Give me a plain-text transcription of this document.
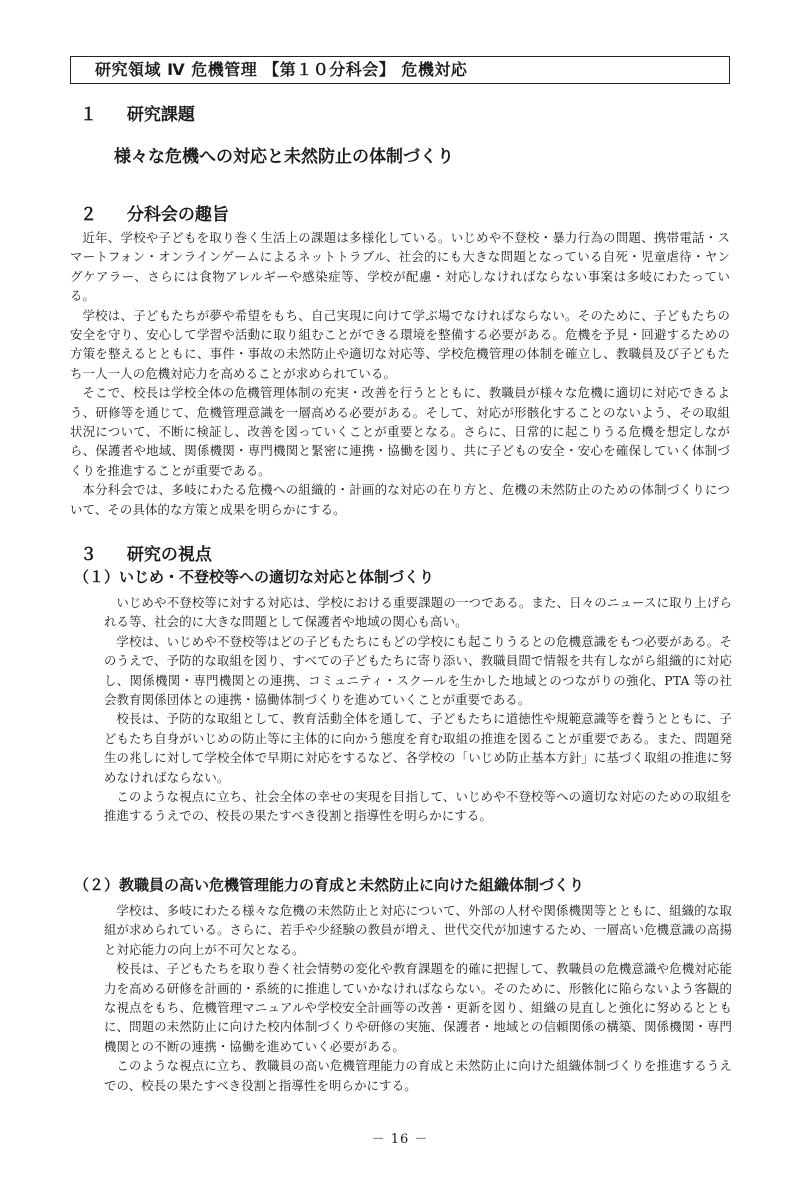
研究領域 Ⅳ 危機管理 【第１０分科会】 危機対応
１ 研究課題
様々な危機への対応と未然防止の体制づくり
２ 分科会の趣旨

近年、学校や子どもを取り巻く生活上の課題は多様化している。いじめや不登校・暴力行為の問題、携帯電話・スマートフォン・オンラインゲームによるネットトラブル、社会的にも大きな問題となっている自死・児童虐待・ヤングケアラー、さらには食物アレルギーや感染症等、学校が配慮・対応しなければならない事案は多岐にわたっている。

学校は、子どもたちが夢や希望をもち、自己実現に向けて学ぶ場でなければならない。そのために、子どもたちの安全を守り、安心して学習や活動に取り組むことができる環境を整備する必要がある。危機を予見・回避するための方策を整えるとともに、事件・事故の未然防止や適切な対応等、学校危機管理の体制を確立し、教職員及び子どもたち一人一人の危機対応力を高めることが求められている。

そこで、校長は学校全体の危機管理体制の充実・改善を行うとともに、教職員が様々な危機に適切に対応できるよう、研修等を通じて、危機管理意識を一層高める必要がある。そして、対応が形骸化することのないよう、その取組状況について、不断に検証し、改善を図っていくことが重要となる。さらに、日常的に起こりうる危機を想定しながら、保護者や地域、関係機関・専門機関と緊密に連携・協働を図り、共に子どもの安全・安心を確保していく体制づくりを推進することが重要である。

本分科会では、多岐にわたる危機への組織的・計画的な対応の在り方と、危機の未然防止のための体制づくりについて、その具体的な方策と成果を明らかにする。

３ 研究の視点
（１）いじめ・不登校等への適切な対応と体制づくり

いじめや不登校等に対する対応は、学校における重要課題の一つである。また、日々のニュースに取り上げられる等、社会的に大きな問題として保護者や地域の関心も高い。

学校は、いじめや不登校等はどの子どもたちにもどの学校にも起こりうるとの危機意識をもつ必要がある。そのうえで、予防的な取組を図り、すべての子どもたちに寄り添い、教職員間で情報を共有しながら組織的に対応し、関係機関・専門機関との連携、コミュニティ・スクールを生かした地域とのつながりの強化、PTA 等の社会教育関係団体との連携・協働体制づくりを進めていくことが重要である。

校長は、予防的な取組として、教育活動全体を通して、子どもたちに道徳性や規範意識等を養うとともに、子どもたち自身がいじめの防止等に主体的に向かう態度を育む取組の推進を図ることが重要である。また、問題発生の兆しに対して学校全体で早期に対応をするなど、各学校の「いじめ防止基本方針」に基づく取組の推進に努めなければならない。

このような視点に立ち、社会全体の幸せの実現を目指して、いじめや不登校等への適切な対応のための取組を推進するうえでの、校長の果たすべき役割と指導性を明らかにする。

（２）教職員の高い危機管理能力の育成と未然防止に向けた組織体制づくり

学校は、多岐にわたる様々な危機の未然防止と対応について、外部の人材や関係機関等とともに、組織的な取組が求められている。さらに、若手や少経験の教員が増え、世代交代が加速するため、一層高い危機意識の高揚と対応能力の向上が不可欠となる。

校長は、子どもたちを取り巻く社会情勢の変化や教育課題を的確に把握して、教職員の危機意識や危機対応能力を高める研修を計画的・系統的に推進していかなければならない。そのために、形骸化に陥らないよう客観的な視点をもち、危機管理マニュアルや学校安全計画等の改善・更新を図り、組織の見直しと強化に努めるとともに、問題の未然防止に向けた校内体制づくりや研修の実施、保護者・地域との信頼関係の構築、関係機関・専門機関との不断の連携・協働を進めていく必要がある。

このような視点に立ち、教職員の高い危機管理能力の育成と未然防止に向けた組織体制づくりを推進するうえでの、校長の果たすべき役割と指導性を明らかにする。

－ 16 －
